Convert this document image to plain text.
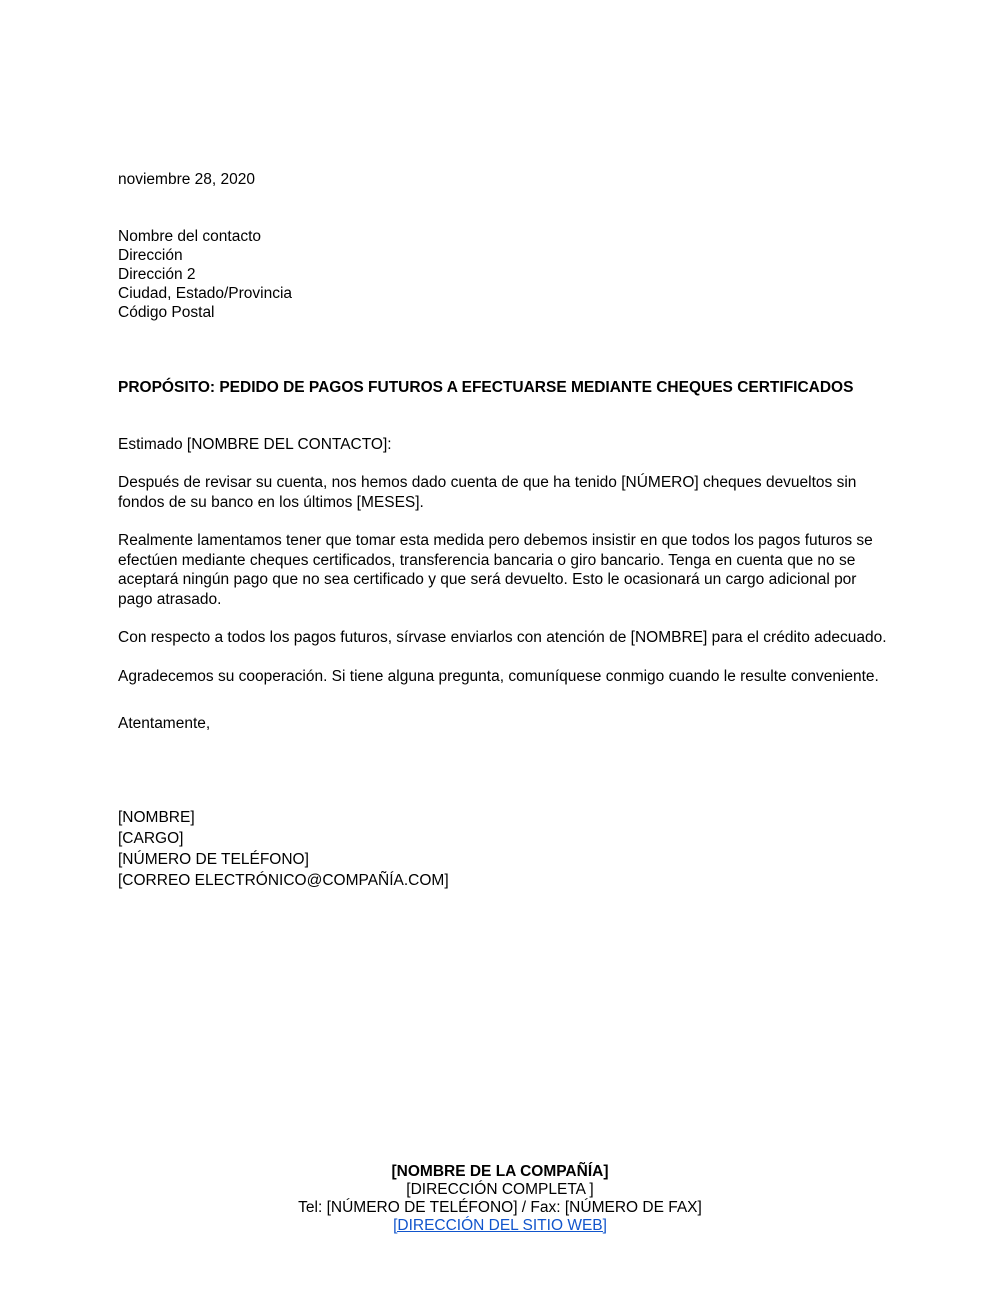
noviembre 28, 2020
Nombre del contacto
Dirección
Dirección 2
Ciudad, Estado/Provincia
Código Postal
PROPÓSITO: PEDIDO DE PAGOS FUTUROS A EFECTUARSE MEDIANTE CHEQUES CERTIFICADOS
Estimado [NOMBRE DEL CONTACTO]:

Después de revisar su cuenta, nos hemos dado cuenta de que ha tenido [NÚMERO] cheques devueltos sin fondos de su banco en los últimos [MESES].

Realmente lamentamos tener que tomar esta medida pero debemos insistir en que todos los pagos futuros se efectúen mediante cheques certificados, transferencia bancaria o giro bancario. Tenga en cuenta que no se aceptará ningún pago que no sea certificado y que será devuelto. Esto le ocasionará un cargo adicional por pago atrasado.

Con respecto a todos los pagos futuros, sírvase enviarlos con atención de [NOMBRE] para el crédito adecuado.

Agradecemos su cooperación. Si tiene alguna pregunta, comuníquese conmigo cuando le resulte conveniente.

Atentamente,
[NOMBRE]
[CARGO]
[NÚMERO DE TELÉFONO]
[CORREO ELECTRÓNICO@COMPAÑÍA.COM]
[NOMBRE DE LA COMPAÑÍA]
[DIRECCIÓN COMPLETA ]
Tel: [NÚMERO DE TELÉFONO] / Fax: [NÚMERO DE FAX]
[DIRECCIÓN DEL SITIO WEB]
